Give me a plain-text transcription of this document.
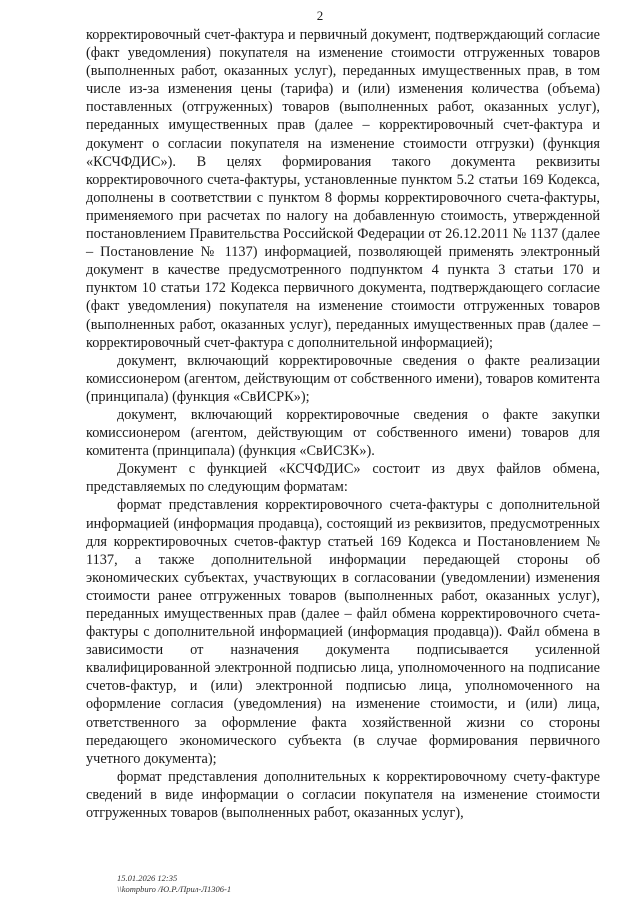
2

корректировочный счет-фактура и первичный документ, подтверждающий согласие (факт уведомления) покупателя на изменение стоимости отгруженных товаров (выполненных работ, оказанных услуг), переданных имущественных прав, в том числе из-за изменения цены (тарифа) и (или) изменения количества (объема) поставленных (отгруженных) товаров (выполненных работ, оказанных услуг), переданных имущественных прав (далее – корректировочный счет-фактура и документ о согласии покупателя на изменение стоимости отгрузки) (функция «КСЧФДИС»). В целях формирования такого документа реквизиты корректировочного счета-фактуры, установленные пунктом 5.2 статьи 169 Кодекса, дополнены в соответствии с пунктом 8 формы корректировочного счета-фактуры, применяемого при расчетах по налогу на добавленную стоимость, утвержденной постановлением Правительства Российской Федерации от 26.12.2011 № 1137 (далее – Постановление № 1137) информацией, позволяющей применять электронный документ в качестве предусмотренного подпунктом 4 пункта 3 статьи 170 и пунктом 10 статьи 172 Кодекса первичного документа, подтверждающего согласие (факт уведомления) покупателя на изменение стоимости отгруженных товаров (выполненных работ, оказанных услуг), переданных имущественных прав (далее – корректировочный счет-фактура с дополнительной информацией);

документ, включающий корректировочные сведения о факте реализации комиссионером (агентом, действующим от собственного имени), товаров комитента (принципала) (функция «СвИСРК»);

документ, включающий корректировочные сведения о факте закупки комиссионером (агентом, действующим от собственного имени) товаров для комитента (принципала) (функция «СвИСЗК»).

Документ с функцией «КСЧФДИС» состоит из двух файлов обмена, представляемых по следующим форматам:

формат представления корректировочного счета-фактуры с дополнительной информацией (информация продавца), состоящий из реквизитов, предусмотренных для корректировочных счетов-фактур статьей 169 Кодекса и Постановлением № 1137, а также дополнительной информации передающей стороны об экономических субъектах, участвующих в согласовании (уведомлении) изменения стоимости ранее отгруженных товаров (выполненных работ, оказанных услуг), переданных имущественных прав (далее – файл обмена корректировочного счета-фактуры с дополнительной информацией (информация продавца)). Файл обмена в зависимости от назначения документа подписывается усиленной квалифицированной электронной подписью лица, уполномоченного на подписание счетов-фактур, и (или) электронной подписью лица, уполномоченного на оформление согласия (уведомления) на изменение стоимости, и (или) лица, ответственного за оформление факта хозяйственной жизни со стороны передающего экономического субъекта (в случае формирования первичного учетного документа);

формат представления дополнительных к корректировочному счету-фактуре сведений в виде информации о согласии покупателя на изменение стоимости отгруженных товаров (выполненных работ, оказанных услуг),

15.01.2026 12:35
\\kompburo /Ю.Р./Прил-Л1306-1
